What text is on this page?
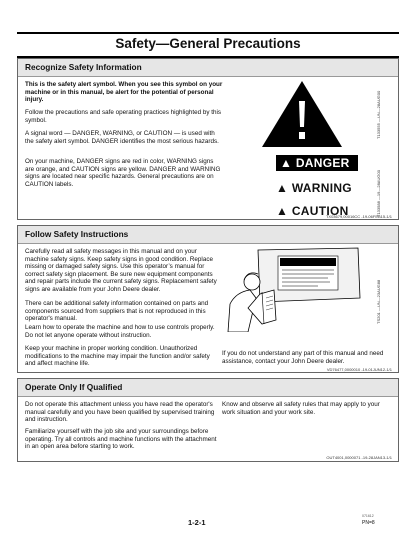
Safety—General Precautions
Recognize Safety Information

This is the safety alert symbol. When you see this symbol on your machine or in this manual, be alert for the potential of personal injury.

Follow the precautions and safe operating practices highlighted by this symbol.

A signal word — DANGER, WARNING, or CAUTION — is used with the safety alert symbol. DANGER identifies the most serious hazards.

On your machine, DANGER signs are red in color, WARNING signs are orange, and CAUTION signs are yellow. DANGER and WARNING signs are located near specific hazards. General precautions are on CAUTION labels.

T133555 —UN—28AUG00
▲ DANGER
▲ WARNING
▲ CAUTION	T133588 —19—28AUG00
TX03679,00016CC -19-06FEB15-1/1
Follow Safety Instructions

Carefully read all safety messages in this manual and on your machine safety signs. Keep safety signs in good condition. Replace missing or damaged safety signs. Use this operator’s manual for correct safety sign placement. Be sure new equipment components and repair parts include the current safety signs. Replacement safety signs are available from your John Deere dealer.

There can be additional safety information contained on parts and components sourced from suppliers that is not reproduced in this operator's manual.

Learn how to operate the machine and how to use controls properly. Do not let anyone operate without instruction.

Keep your machine in proper working condition. Unauthorized modifications to the machine may impair the function and/or safety and affect machine life.

TS201 —UN—23AUG88

If you do not understand any part of this manual and need assistance, contact your John Deere dealer.

VD76477,0000010 -19-01JUN12-1/1
Operate Only If Qualified

Do not operate this attachment unless you have read the operator's manual carefully and you have been qualified by supervised training and instruction.

Familiarize yourself with the job site and your surroundings before operating. Try all controls and machine functions with the attachment in an open area before starting to work.

Know and observe all safety rules that may apply to your work situation and your work site.

OUT4001,0000071 -19-28JAN13-1/1
1-2-1
071612
PN=8
